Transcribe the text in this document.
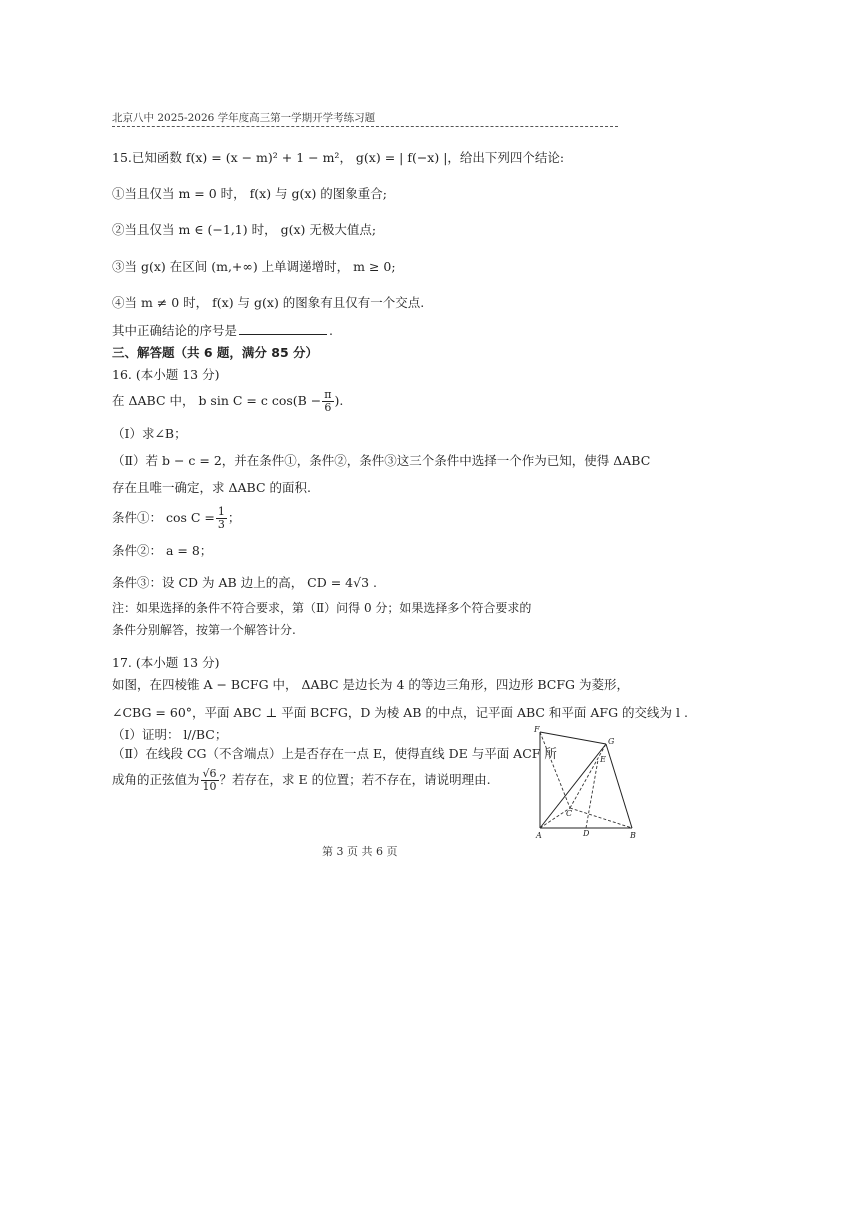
北京八中 2025-2026 学年度高三第一学期开学考练习题
15.已知函数 f(x) = (x − m)² + 1 − m²， g(x) = | f(−x) |，给出下列四个结论:
①当且仅当 m = 0 时， f(x) 与 g(x) 的图象重合;
②当且仅当 m ∈ (−1,1) 时， g(x) 无极大值点;
③当 g(x) 在区间 (m,+∞) 上单调递增时， m ≥ 0;
④当 m ≠ 0 时， f(x) 与 g(x) 的图象有且仅有一个交点.
其中正确结论的序号是	.
三、解答题（共 6 题，满分 85 分）
16. (本小题 13 分)
在 ΔABC 中， b sin C = c $\cos(B - \frac{\pi}{6}$ ).
（Ⅰ）求∠B；
（Ⅱ）若 b − c = 2，并在条件①，条件②，条件③这三个条件中选择一个作为已知，使得 ΔABC
存在且唯一确定，求 ΔABC 的面积.
条件①： $\cos C = \frac{1}{3}$ ；
条件②： a = 8；
条件③：设 CD 为 AB 边上的高， CD = 4√3 .
注：如果选择的条件不符合要求，第（Ⅱ）问得 0 分；如果选择多个符合要求的
条件分别解答，按第一个解答计分.
17. (本小题 13 分)
如图，在四棱锥 A − BCFG 中， ΔABC 是边长为 4 的等边三角形，四边形 BCFG 为菱形，
∠CBG = 60°，平面 ABC ⊥ 平面 BCFG，D 为棱 AB 的中点，记平面 ABC 和平面 AFG 的交线为 l .
（Ⅰ）证明： l//BC；
（Ⅱ）在线段 CG（不含端点）上是否存在一点 E，使得直线 DE 与平面 ACF 所
成角的正弦值为 $\frac{√6}{10}$ ？若存在，求 E 的位置；若不存在，请说明理由.
F
G
E
C
A	D	B
第 3 页 共 6 页
